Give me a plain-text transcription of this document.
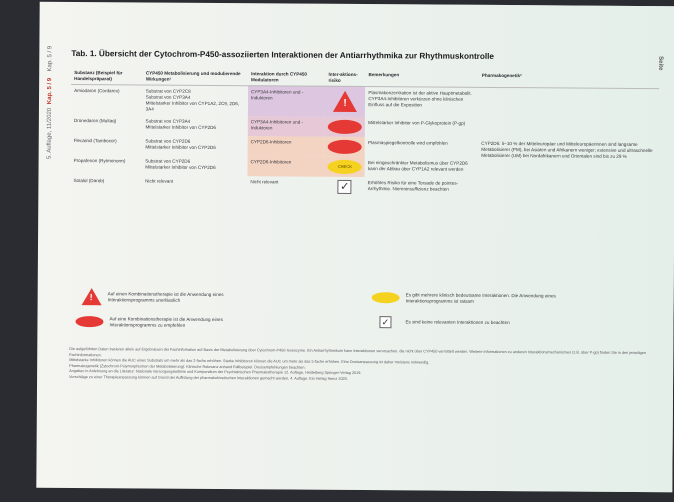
Kap. 5 / 9
Kap. 5 / 9
5. Auflage, 11/2020
Seite
Tab. 1. Übersicht der Cytochrom-P450-assoziierten Interaktionen der Antiarrhythmika zur Rhythmuskontrolle
Substanz (Beispiel für Handelspräparat)	CYP450 Metabolisierung und modulierende Wirkungen¹	Interaktion durch CYP450 Modulatoren	Inter-aktions-risiko	Bemerkungen	Pharmakogenetik²
Amiodaron (Cordarex)	Substrat von CYP2C8
Substrat von CYP3A4
Mittelstarker Inhibitor von CYP1A2, 2C9, 2D6, 3A4	CYP3A4-Inhibitoren und -Induktoren	!	Plasmakonzentration ist der aktive Hauptmetabolit. CYP3A4-Inhibitoren verkürzen ohne klinischen Einfluss auf die Exposition	
Dronedaron (Multaq)	Substrat von CYP3A4
Mittelstarker Inhibitor von CYP2D6	CYP3A4-Inhibitoren und -Induktoren		Mittelstarker Inhibitor von P-Glykoprotein (P-gp)	
Flecainid (Tambocor)	Substrat von CYP2D6
Mittelstarker Inhibitor von CYP2D6	CYP2D6-Inhibitoren		Plasmaspiegelkontrolle wird empfohlen	CYP2D6: 5–10 % der Mitteleuropäer und Mitteleuropäerinnen sind langsame Metabolisierer (PM), bei Asiaten und Afrikanern weniger; extensive und ultraschnelle Metabolisierer (UM) bei Nordafrikanern und Orientalen sind bis zu 29 %
Propafenon (Rytmonorm)	Substrat von CYP2D6
Mittelstarker Inhibitor von CYP2D6	CYP2D6-Inhibitoren	CHECK	Bei eingeschränkter Metabolismus über CYP2D6 kann der Abbau über CYP1A2 relevant werden	
Sotalol (Darob)	Nicht relevant	Nicht relevant	✓	Erhöhtes Risiko für eine Torsade de pointes-Arrhythmie. Niereninsuffizienz beachten	
!	Auf einen Kombinationstherapie ist die Anwendung eines Interaktionsprogramms unerlässlich
Auf eine Kombinationstherapie ist die Anwendung eines Interaktionsprogramms zu empfehlen
Es gibt mehrere klinisch bedeutsame Interaktionen. Die Anwendung eines Interaktionsprogramms ist ratsam
✓	Es sind keine relevanten Interaktionen zu beachten

Die aufgeführten Daten basieren allein auf Ergebnissen der Fachinfomation auf Basis der Metabolisierung über Cytochrom-P450-Isoenzyme. Ein Antiarrhythmikum kann Interaktionen verursachen, die nicht über CYP450 vermittelt werden. Weitere Informationen zu anderen Interaktionsmechanismen (z.B. über P-gp) finden Sie in den jeweiligen Fachinformationen.

Mittelstarke Inhibitoren können die AUC eines Substrats um mehr als das 2-fache erhöhen. Starke Inhibitoren können die AUC um mehr als das 5-fache erhöhen. Eine Dosisanpassung ist daher meistens notwendig.

Pharmakogenetik (Zytochrom-Polymorphismen der Metabolisierung): Klinische Relevanz anhand Fallbeispiel. Dosisempfehlungen beachten.

Angaben in Anlehnung an die Literatur: Nationale Versorgungsleitlinie und Kompendium der Psychiatrischen Pharmakotherapie 12. Auflage, Heidelberg Springer-Verlag 2019.

Vorschläge zu einer Therapieanpassung können auf Grund der Auflistung der pharmakokinetischen Interaktionen gemacht werden, 4. Auflage. Ein Verlag Heinz 2020.
